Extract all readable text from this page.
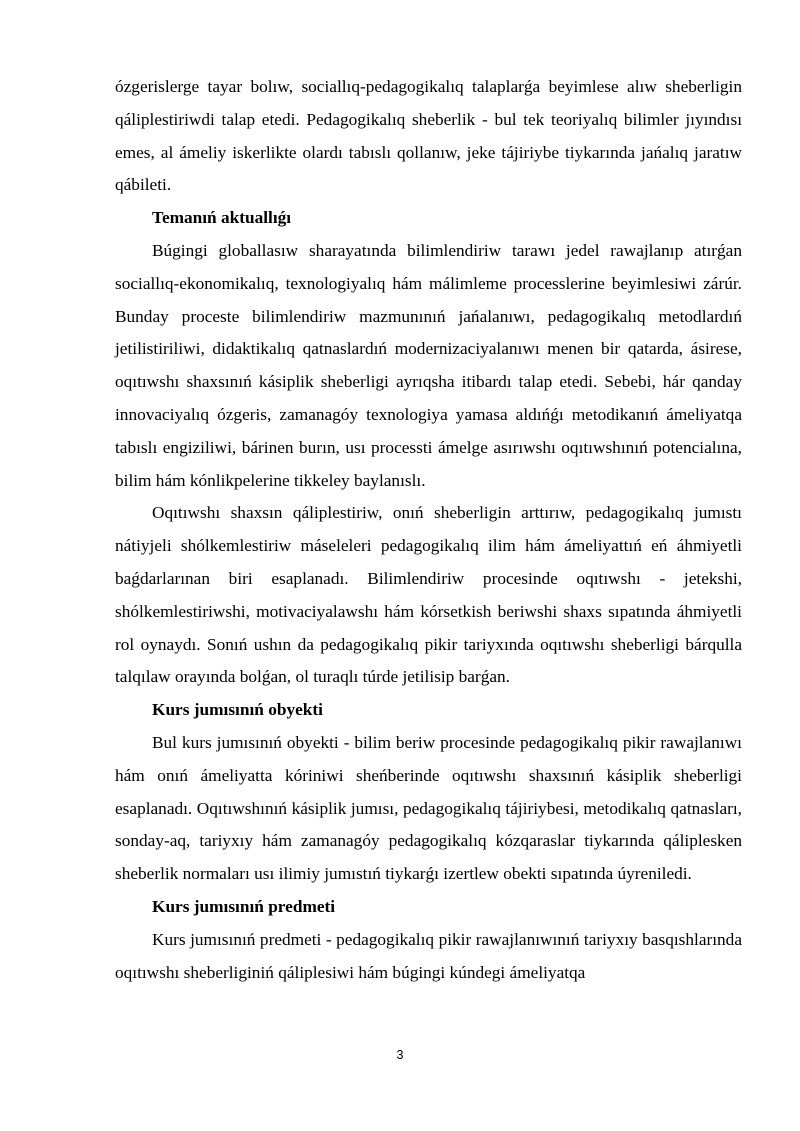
ózgerislerge tayar bolıw, sociallıq-pedagogikalıq talaplarǵa beyimlesе alıw sheberligin qáliplestiriwdi talap etedi. Pedagogikalıq sheberlik - bul tek teoriyalıq bilimler jıyındısı emes, al ámeliy iskerlikte olardı tabıslı qollanıw, jeke tájiriybe tiykarında jańalıq jaratıw qábileti.

Temanıń aktuallıǵı

Búgingi globallasıw sharayatında bilimlendiriw tarawı jedel rawajlanıp atırǵan sociallıq-ekonomikalıq, texnologiyalıq hám málimleme processlerine beyimlesiwi zárúr. Bunday proceste bilimlendiriw mazmunınıń jańalanıwı, pedagogikalıq metodlardıń jetilistiriliwi, didaktikalıq qatnaslardıń modernizaciyalanıwı menen bir qatarda, ásirese, oqıtıwshı shaxsınıń kásiplik sheberligi ayrıqsha itibardı talap etedi. Sebebi, hár qanday innovaciyalıq ózgeris, zamanagóy texnologiya yamasa aldıńǵı metodikanıń ámeliyatqa tabıslı engiziliwi, bárinen burın, usı processti ámelge asırıwshı oqıtıwshınıń potencialına, bilim hám kónlikpelerine tikkeley baylanıslı.

Oqıtıwshı shaxsın qáliplestiriw, onıń sheberligin arttırıw, pedagogikalıq jumıstı nátiyjeli shólkemlestiriw máseleleri pedagogikalıq ilim hám ámeliyattıń eń áhmiyetli baǵdarlarınan biri esaplanadı. Bilimlendiriw procesinde oqıtıwshı - jetekshi, shólkemlestiriwshi, motivaciyalawshı hám kórsetkish beriwshi shaxs sıpatında áhmiyetli rol oynaydı. Sonıń ushın da pedagogikalıq pikir tariyxında oqıtıwshı sheberligi bárqulla talqılaw orayında bolǵan, ol turaqlı túrde jetilisip barǵan.

Kurs jumısınıń obyekti

Bul kurs jumısınıń obyekti - bilim beriw procesinde pedagogikalıq pikir rawajlanıwı hám onıń ámeliyatta kóriniwi sheńberinde oqıtıwshı shaxsınıń kásiplik sheberligi esaplanadı. Oqıtıwshınıń kásiplik jumısı, pedagogikalıq tájiriybesi, metodikalıq qatnasları, sonday-aq, tariyxıy hám zamanagóy pedagogikalıq kózqaraslar tiykarında qáliplesken sheberlik normaları usı ilimiy jumıstıń tiykarǵı izertlew obekti sıpatında úyreniledi.

Kurs jumısınıń predmeti

Kurs jumısınıń predmeti - pedagogikalıq pikir rawajlanıwınıń tariyxıy basqıshlarında oqıtıwshı sheberliginiń qáliplesiwi hám búgingi kúndegi ámeliyatqa

3
